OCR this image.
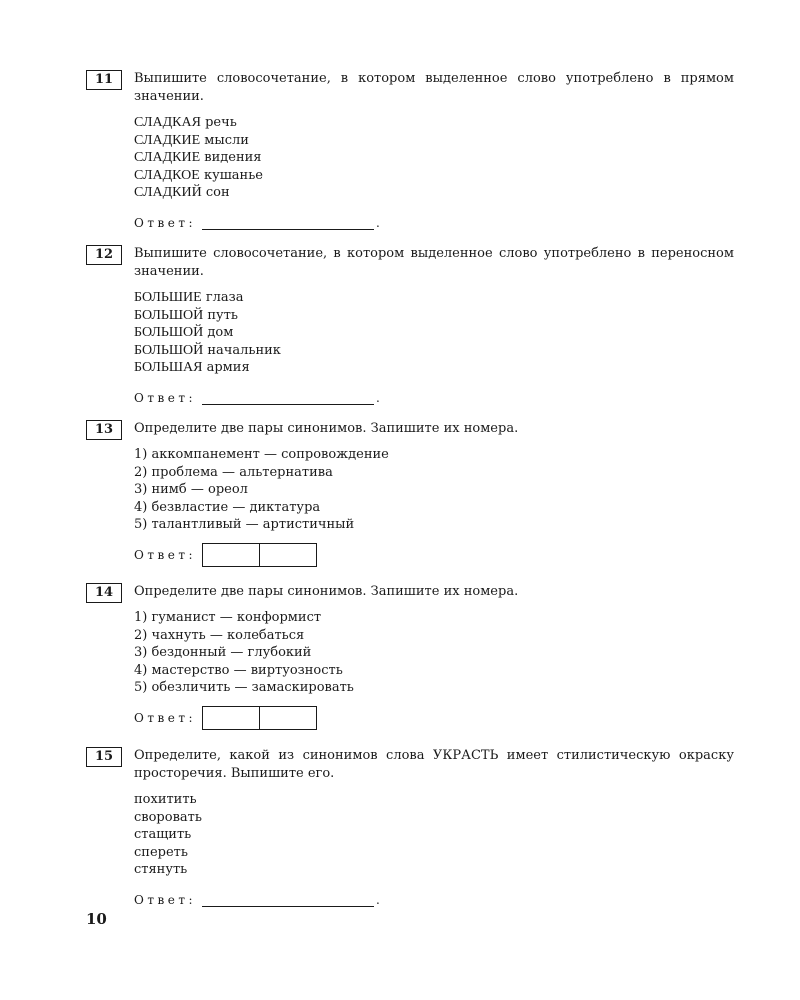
11	Выпишите словосочетание, в котором выделенное слово употреблено в прямом значении.
СЛАДКАЯ речь
СЛАДКИЕ мысли
СЛАДКИЕ видения
СЛАДКОЕ кушанье
СЛАДКИЙ сон
Ответ:	.
12	Выпишите словосочетание, в котором выделенное слово употреблено в переносном значении.
БОЛЬШИЕ глаза
БОЛЬШОЙ путь
БОЛЬШОЙ дом
БОЛЬШОЙ начальник
БОЛЬШАЯ армия
Ответ:	.
13	Определите две пары синонимов. Запишите их номера.
1) аккомпанемент — сопровождение
2) проблема — альтернатива
3) нимб — ореол
4) безвластие — диктатура
5) талантливый — артистичный
Ответ:
14	Определите две пары синонимов. Запишите их номера.
1) гуманист — конформист
2) чахнуть — колебаться
3) бездонный — глубокий
4) мастерство — виртуозность
5) обезличить — замаскировать
Ответ:
15	Определите, какой из синонимов слова УКРАСТЬ имеет стилистическую окраску просторечия. Выпишите его.
похитить
своровать
стащить
спереть
стянуть
Ответ:	.
10
